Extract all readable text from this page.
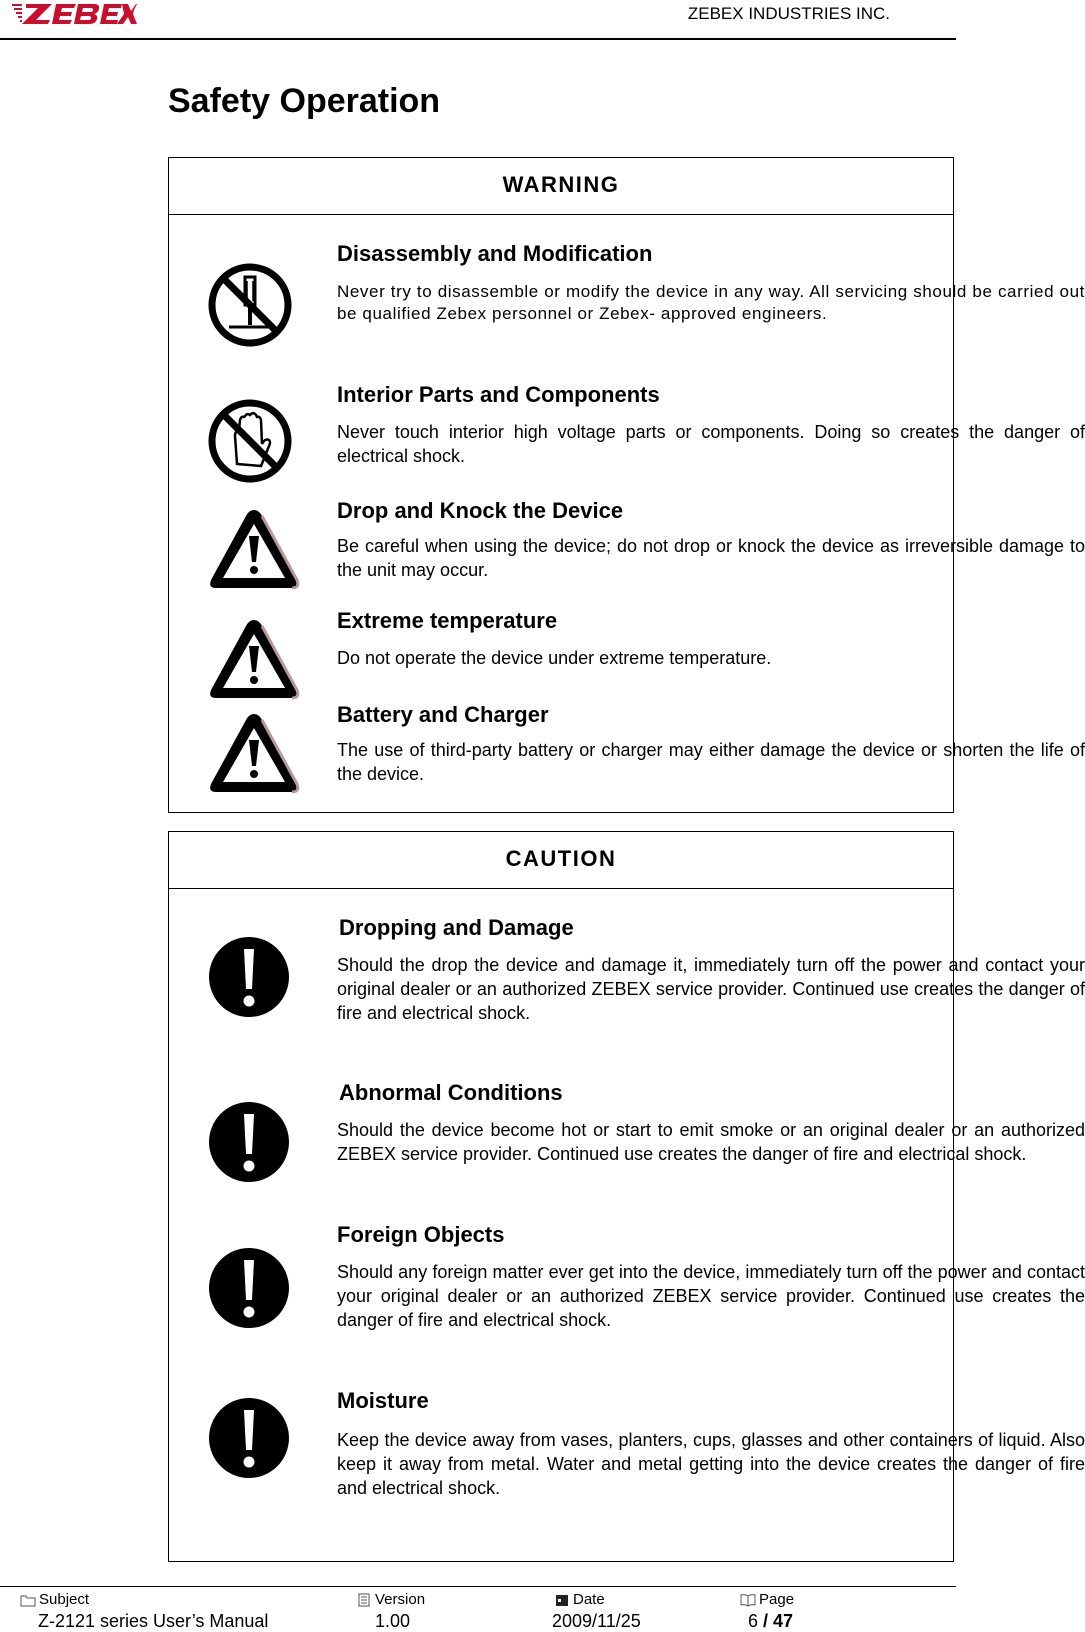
ZEBEX INDUSTRIES INC.
Safety Operation
WARNING
Disassembly and Modification

Never try to disassemble or modify the device in any way. All servicing should be carried out be qualified Zebex personnel or Zebex- approved engineers.

Interior Parts and Components

Never touch interior high voltage parts or components. Doing so creates the danger of electrical shock.

Drop and Knock the Device

Be careful when using the device; do not drop or knock the device as irreversible damage to the unit may occur.

Extreme temperature

Do not operate the device under extreme temperature.

Battery and Charger

The use of third-party battery or charger may either damage the device or shorten the life of the device.

CAUTION
Dropping and Damage

Should the drop the device and damage it, immediately turn off the power and contact your original dealer or an authorized ZEBEX service provider. Continued use creates the danger of fire and electrical shock.

Abnormal Conditions

Should the device become hot or start to emit smoke or an original dealer or an authorized ZEBEX service provider. Continued use creates the danger of fire and electrical shock.

Foreign Objects

Should any foreign matter ever get into the device, immediately turn off the power and contact your original dealer or an authorized ZEBEX service provider. Continued use creates the danger of fire and electrical shock.

Moisture

Keep the device away from vases, planters, cups, glasses and other containers of liquid. Also keep it away from metal. Water and metal getting into the device creates the danger of fire and electrical shock.

Subject
Z-2121 series User’s Manual
Version
1.00
Date
2009/11/25
Page
6 / 47
